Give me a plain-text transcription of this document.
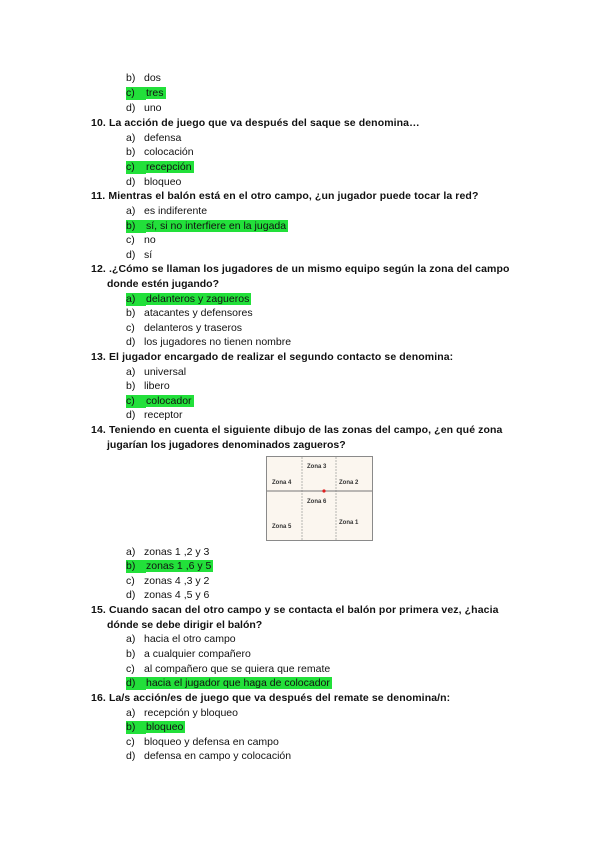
b) dos
c) tres
d) uno
10. La acción de juego que va después del saque se denomina…
a) defensa
b) colocación
c) recepción
d) bloqueo
11. Mientras el balón está en el otro campo, ¿un jugador puede tocar la red?
a) es indiferente
b) sí, si no interfiere en la jugada
c) no
d) sí
12. .¿Cómo se llaman los jugadores de un mismo equipo según la zona del campo
donde estén jugando?
a) delanteros y zagueros
b) atacantes y defensores
c) delanteros y traseros
d) los jugadores no tienen nombre
13. El jugador encargado de realizar el segundo contacto se denomina:
a) universal
b) libero
c) colocador
d) receptor
14. Teniendo en cuenta el siguiente dibujo de las zonas del campo, ¿en qué zona
jugarían los jugadores denominados zagueros?
Zona 3
Zona 4	Zona 2
Zona 6
Zona 5
Zona 1
a) zonas 1 ,2 y 3
b) zonas 1 ,6 y 5
c) zonas 4 ,3 y 2
d) zonas 4 ,5 y 6
15. Cuando sacan del otro campo y se contacta el balón por primera vez, ¿hacia
dónde se debe dirigir el balón?
a) hacia el otro campo
b) a cualquier compañero
c) al compañero que se quiera que remate
d) hacia el jugador que haga de colocador
16. La/s acción/es de juego que va después del remate se denomina/n:
a) recepción y bloqueo
b) bloqueo
c) bloqueo y defensa en campo
d) defensa en campo y colocación
